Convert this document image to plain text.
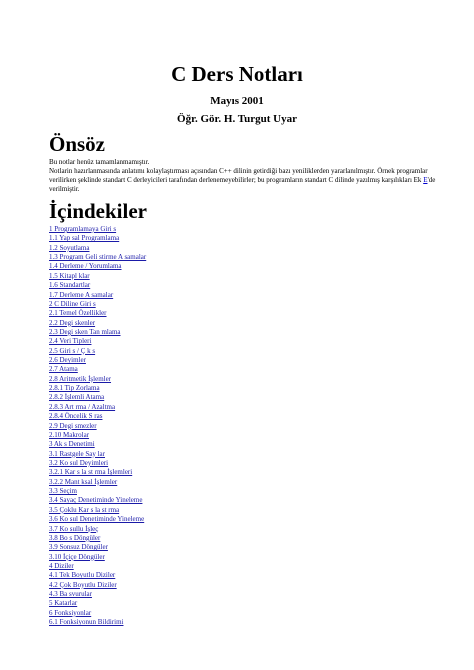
C Ders Notları
Mayıs 2001
Öğr. Gör. H. Turgut Uyar
Önsöz

Bu notlar henüz tamamlanmamıştır.

Notlarin hazırlanmasında anlatımı kolaylaştırması açısından C++ dilinin getirdiği bazı yeniliklerden yararlanılmıştır. Örnek programlar verilirken şeklinde standart C derleyicileri tarafından derlenemeyebilirler; bu programların standart C dilinde yazılmış karşılıkları Ek E'de verilmiştir.

İçindekiler
1 Programlamaya Giri s
1.1 Yap sal Programlama
1.2 Soyutlama
1.3 Program Geli stirme A samalar
1.4 Derleme / Yorumlama
1.5 Kitapl klar
1.6 Standartlar
1.7 Derleme A samalar
2 C Diline Giri s
2.1 Temel Özellikler
2.2 Degi skenler
2.3 Degi sken Tan mlama
2.4 Veri Tipleri
2.5 Giri s / Ç k s
2.6 Deyimler
2.7 Atama
2.8 Aritmetik İşlemler
2.8.1 Tip Zorlama
2.8.2 İşlemli Atama
2.8.3 Art rma / Azaltma
2.8.4 Öncelik S ras
2.9 Degi smezler
2.10 Makrolar
3 Ak s Denetimi
3.1 Rastgele Say lar
3.2 Ko sul Deyimleri
3.2.1 Kar s la st rma İşlemleri
3.2.2 Mant ksal İşlemler
3.3 Seçim
3.4 Sayaç Denetiminde Yineleme
3.5 Çoklu Kar s la st rma
3.6 Ko sul Denetiminde Yineleme
3.7 Ko sullu İşleç
3.8 Bo s Döngüler
3.9 Sonsuz Döngüler
3.10 İçiçe Döngüler
4 Diziler
4.1 Tek Boyutlu Diziler
4.2 Çok Boyutlu Diziler
4.3 Ba svurular
5 Katarlar
6 Fonksiyonlar
6.1 Fonksiyonun Bildirimi
